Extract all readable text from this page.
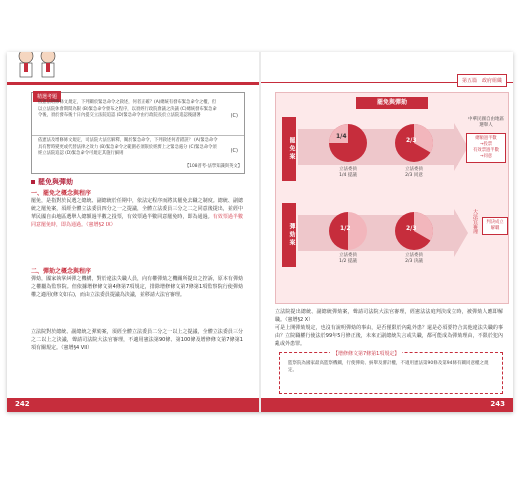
精選考題
依憲法增修條文規定，下列關於緊急命令之敘述，何者正確？(A)總統有發布緊急命令之權，但以立法院休會期間為限 (B)緊急命令發布之程序，以須經行政院會議之決議 (C)總統發布緊急命令後，須於發布後十日內提交立法院追認 (D)緊急命令由行政院長於立法院追認後副署	(C)
依憲法及增修條文規定，司法院大法官解釋，關於緊急命令，下列敘述何者錯誤？ (A)緊急命令具有暫時變更或代替法律之效力 (B)緊急命令之範圍必須限於經濟上之緊急處分 (C)緊急命令須經立法院追認 (D)緊急命令可規定其施行細則	(C)
【108普考-法學知識與英文】
罷免與彈劾
一、罷免之概念與程序
罷免，是指對於民選之總統、副總統於任期中，依法定程序而將其罷免去職之制度。總統、副總統之罷免案，須經全體立法委員四分之一之提議，全體立法委員三分之二之同意後提出，並經中華民國自由地區選舉人總額過半數之投票，有效票過半數同意罷免時，即為通過。有效票過半數同意罷免時，即為通過。（憲增§2 IX）
二、彈劾之概念與程序
彈劾，國家執掌糾彈之機構，對於違法失職人員，向有權彈劾之機關所提出之控訴，原本有彈劾之權屬為監察院。但依據增修條文第4條第7項規定，排除增修條文第7條第1項監察院行使彈劾權之適用(條文如右)，而由立法委員提議為決議，並移請大法官審理。
立法院對於總統、副總統之彈劾案，須經全體立法委員二分之一以上之提議，全體立法委員三分之二以上之決議，聲請司法院大法官審理，不適用憲法第90條、第100條及增修條文第7條第1項有關規定。（憲增§4 VII）
242
第五篇 政府組織
罷免與彈劾
罷免案
1/4
立法委員
1/4 提議
2/3
立法委員
2/3 同意
中華民國自由地區選舉人
總額過半數
→投票
有效票過半數
→同意
彈劾案	1/2
立法委員
1/2 提議
2/3
立法委員
2/3 決議
大法官審理	判決成立
解職
立法院提出總統、副總統彈劾案，聲請司法院大法官審理，經憲法法庭判決成立時，被彈劾人應即解職。（憲增§2 X）
可是上開彈劾規定，也沒有說明彈劾的事由，是否僅限於內亂外患？還是必須要符合其他違法失職的事由？立院職權行使法於99年5月修正後，未來正副總統失言或失職，都可能成為彈劾理由，不限於犯內亂或外患罪。
【增修條文第7條第1項規定】
監察院為國家最高監察機關，行使彈劾、糾舉及審計權，不適用憲法第90條及第94條有關同意權之規定。
243
